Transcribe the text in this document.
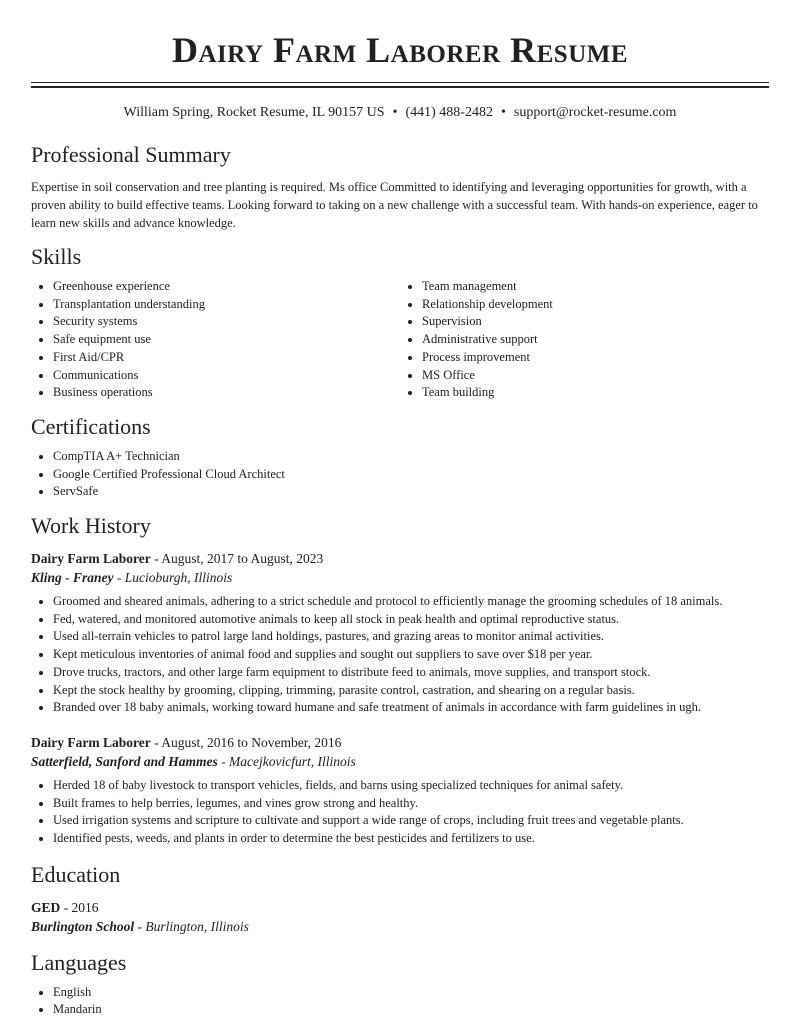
Dairy Farm Laborer Resume
William Spring, Rocket Resume, IL 90157 US • (441) 488-2482 • support@rocket-resume.com
Professional Summary

Expertise in soil conservation and tree planting is required. Ms office Committed to identifying and leveraging opportunities for growth, with a proven ability to build effective teams. Looking forward to taking on a new challenge with a successful team. With hands-on experience, eager to learn new skills and advance knowledge.

Skills
• Greenhouse experience
• Transplantation understanding
• Security systems
• Safe equipment use
• First Aid/CPR
• Communications
• Business operations
• Team management
• Relationship development
• Supervision
• Administrative support
• Process improvement
• MS Office
• Team building
Certifications
• CompTIA A+ Technician
• Google Certified Professional Cloud Architect
• ServSafe
Work History
Dairy Farm Laborer - August, 2017 to August, 2023
Kling - Franey - Lucioburgh, Illinois
• Groomed and sheared animals, adhering to a strict schedule and protocol to efficiently manage the grooming schedules of 18 animals.
• Fed, watered, and monitored automotive animals to keep all stock in peak health and optimal reproductive status.
• Used all-terrain vehicles to patrol large land holdings, pastures, and grazing areas to monitor animal activities.
• Kept meticulous inventories of animal food and supplies and sought out suppliers to save over $18 per year.
• Drove trucks, tractors, and other large farm equipment to distribute feed to animals, move supplies, and transport stock.
• Kept the stock healthy by grooming, clipping, trimming, parasite control, castration, and shearing on a regular basis.
• Branded over 18 baby animals, working toward humane and safe treatment of animals in accordance with farm guidelines in ugh.
Dairy Farm Laborer - August, 2016 to November, 2016
Satterfield, Sanford and Hammes - Macejkovicfurt, Illinois
• Herded 18 of baby livestock to transport vehicles, fields, and barns using specialized techniques for animal safety.
• Built frames to help berries, legumes, and vines grow strong and healthy.
• Used irrigation systems and scripture to cultivate and support a wide range of crops, including fruit trees and vegetable plants.
• Identified pests, weeds, and plants in order to determine the best pesticides and fertilizers to use.
Education
GED - 2016
Burlington School - Burlington, Illinois
Languages
• English
• Mandarin
